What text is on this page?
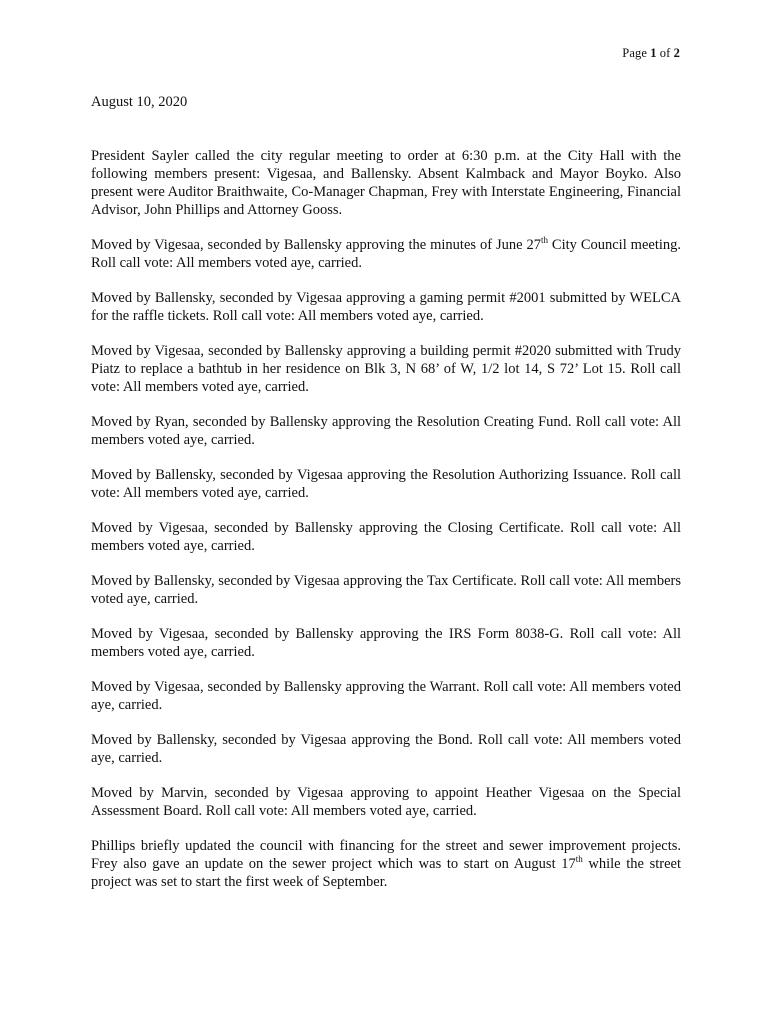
Page 1 of 2
August 10, 2020

President Sayler called the city regular meeting to order at 6:30 p.m. at the City Hall with the following members present: Vigesaa, and Ballensky. Absent Kalmback and Mayor Boyko. Also present were Auditor Braithwaite, Co-Manager Chapman, Frey with Interstate Engineering, Financial Advisor, John Phillips and Attorney Gooss.

Moved by Vigesaa, seconded by Ballensky approving the minutes of June 27th City Council meeting. Roll call vote: All members voted aye, carried.

Moved by Ballensky, seconded by Vigesaa approving a gaming permit #2001 submitted by WELCA for the raffle tickets. Roll call vote: All members voted aye, carried.

Moved by Vigesaa, seconded by Ballensky approving a building permit #2020 submitted with Trudy Piatz to replace a bathtub in her residence on Blk 3, N 68’ of W, 1/2 lot 14, S 72’ Lot 15. Roll call vote: All members voted aye, carried.

Moved by Ryan, seconded by Ballensky approving the Resolution Creating Fund. Roll call vote: All members voted aye, carried.

Moved by Ballensky, seconded by Vigesaa approving the Resolution Authorizing Issuance. Roll call vote: All members voted aye, carried.

Moved by Vigesaa, seconded by Ballensky approving the Closing Certificate. Roll call vote: All members voted aye, carried.

Moved by Ballensky, seconded by Vigesaa approving the Tax Certificate. Roll call vote: All members voted aye, carried.

Moved by Vigesaa, seconded by Ballensky approving the IRS Form 8038-G. Roll call vote: All members voted aye, carried.

Moved by Vigesaa, seconded by Ballensky approving the Warrant. Roll call vote: All members voted aye, carried.

Moved by Ballensky, seconded by Vigesaa approving the Bond. Roll call vote: All members voted aye, carried.

Moved by Marvin, seconded by Vigesaa approving to appoint Heather Vigesaa on the Special Assessment Board. Roll call vote: All members voted aye, carried.

Phillips briefly updated the council with financing for the street and sewer improvement projects. Frey also gave an update on the sewer project which was to start on August 17th while the street project was set to start the first week of September.
